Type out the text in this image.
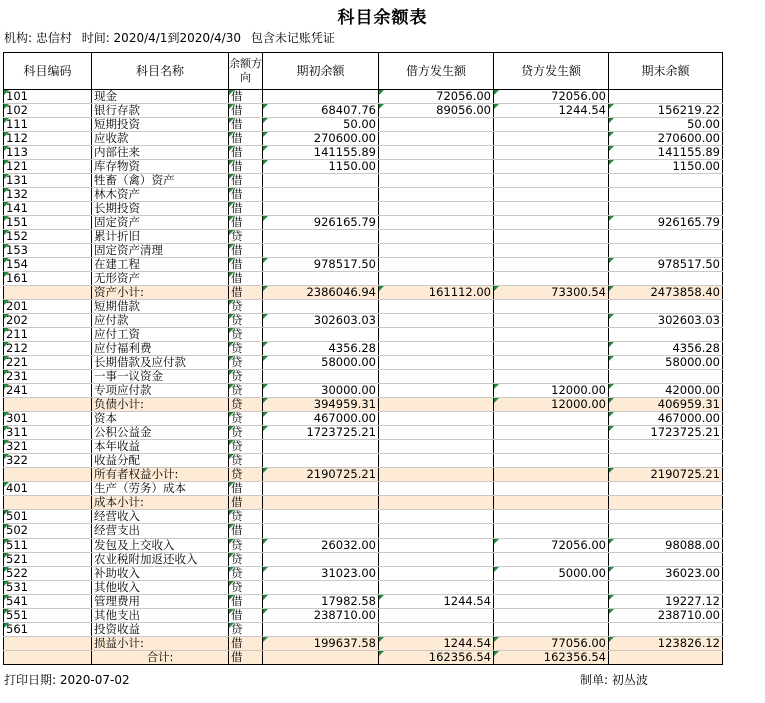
科目余额表
机构: 忠信村 时间: 2020/4/1到2020/4/30 包含未记账凭证
科目编码	科目名称	余额方向	期初余额	借方发生额	贷方发生额	期末余额
101	现金	借		72056.00	72056.00	
102	银行存款	借	68407.76	89056.00	1244.54	156219.22
111	短期投资	借	50.00			50.00
112	应收款	借	270600.00			270600.00
113	内部往来	借	141155.89			141155.89
121	库存物资	借	1150.00			1150.00
131	牲畜（禽）资产	借				
132	林木资产	借				
141	长期投资	借				
151	固定资产	借	926165.79			926165.79
152	累计折旧	贷				
153	固定资产清理	借				
154	在建工程	借	978517.50			978517.50
161	无形资产	借				
	资产小计:	借	2386046.94	161112.00	73300.54	2473858.40
201	短期借款	贷				
202	应付款	贷	302603.03			302603.03
211	应付工资	贷				
212	应付福利费	贷	4356.28			4356.28
221	长期借款及应付款	贷	58000.00			58000.00
231	一事一议资金	贷				
241	专项应付款	贷	30000.00		12000.00	42000.00
	负债小计:	贷	394959.31		12000.00	406959.31
301	资本	贷	467000.00			467000.00
311	公积公益金	贷	1723725.21			1723725.21
321	本年收益	贷				
322	收益分配	贷				
	所有者权益小计:	贷	2190725.21			2190725.21
401	生产（劳务）成本	借				
	成本小计:	借				
501	经营收入	贷				
502	经营支出	借				
511	发包及上交收入	贷	26032.00		72056.00	98088.00
521	农业税附加返还收入	贷				
522	补助收入	贷	31023.00		5000.00	36023.00
531	其他收入	贷				
541	管理费用	借	17982.58	1244.54		19227.12
551	其他支出	借	238710.00			238710.00
561	投资收益	贷				
	损益小计:	借	199637.58	1244.54	77056.00	123826.12
	合计:	借		162356.54	162356.54	
打印日期: 2020-07-02	制单: 初丛波
